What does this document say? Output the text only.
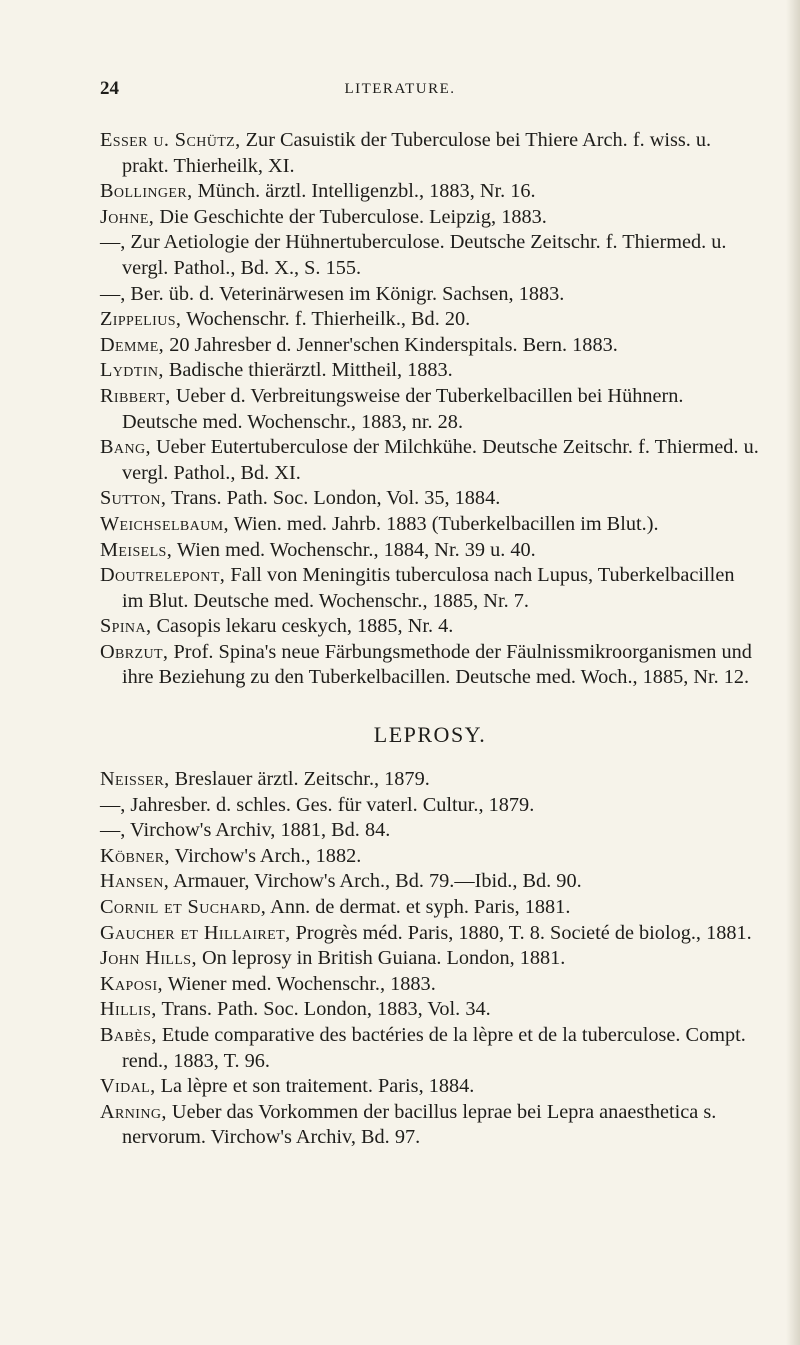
24	LITERATURE.

Esser u. Schütz, Zur Casuistik der Tuberculose bei Thiere Arch. f. wiss. u. prakt. Thierheilk, XI.

Bollinger, Münch. ärztl. Intelligenzbl., 1883, Nr. 16.

Johne, Die Geschichte der Tuberculose. Leipzig, 1883.

—, Zur Aetiologie der Hühnertuberculose. Deutsche Zeitschr. f. Thiermed. u. vergl. Pathol., Bd. X., S. 155.

—, Ber. üb. d. Veterinärwesen im Königr. Sachsen, 1883.

Zippelius, Wochenschr. f. Thierheilk., Bd. 20.

Demme, 20 Jahresber d. Jenner'schen Kinderspitals. Bern. 1883.

Lydtin, Badische thierärztl. Mittheil, 1883.

Ribbert, Ueber d. Verbreitungsweise der Tuberkelbacillen bei Hühnern. Deutsche med. Wochenschr., 1883, nr. 28.

Bang, Ueber Eutertuberculose der Milchkühe. Deutsche Zeitschr. f. Thiermed. u. vergl. Pathol., Bd. XI.

Sutton, Trans. Path. Soc. London, Vol. 35, 1884.

Weichselbaum, Wien. med. Jahrb. 1883 (Tuberkelbacillen im Blut.).

Meisels, Wien med. Wochenschr., 1884, Nr. 39 u. 40.

Doutrelepont, Fall von Meningitis tuberculosa nach Lupus, Tuberkelbacillen im Blut. Deutsche med. Wochenschr., 1885, Nr. 7.

Spina, Casopis lekaru ceskych, 1885, Nr. 4.

Obrzut, Prof. Spina's neue Färbungsmethode der Fäulnissmikroorganismen und ihre Beziehung zu den Tuberkelbacillen. Deutsche med. Woch., 1885, Nr. 12.

LEPROSY.

Neisser, Breslauer ärztl. Zeitschr., 1879.

—, Jahresber. d. schles. Ges. für vaterl. Cultur., 1879.

—, Virchow's Archiv, 1881, Bd. 84.

Köbner, Virchow's Arch., 1882.

Hansen, Armauer, Virchow's Arch., Bd. 79.—Ibid., Bd. 90.

Cornil et Suchard, Ann. de dermat. et syph. Paris, 1881.

Gaucher et Hillairet, Progrès méd. Paris, 1880, T. 8. Societé de biolog., 1881.

John Hills, On leprosy in British Guiana. London, 1881.

Kaposi, Wiener med. Wochenschr., 1883.

Hillis, Trans. Path. Soc. London, 1883, Vol. 34.

Babès, Etude comparative des bactéries de la lèpre et de la tuberculose. Compt. rend., 1883, T. 96.

Vidal, La lèpre et son traitement. Paris, 1884.

Arning, Ueber das Vorkommen der bacillus leprae bei Lepra anaesthetica s. nervorum. Virchow's Archiv, Bd. 97.
